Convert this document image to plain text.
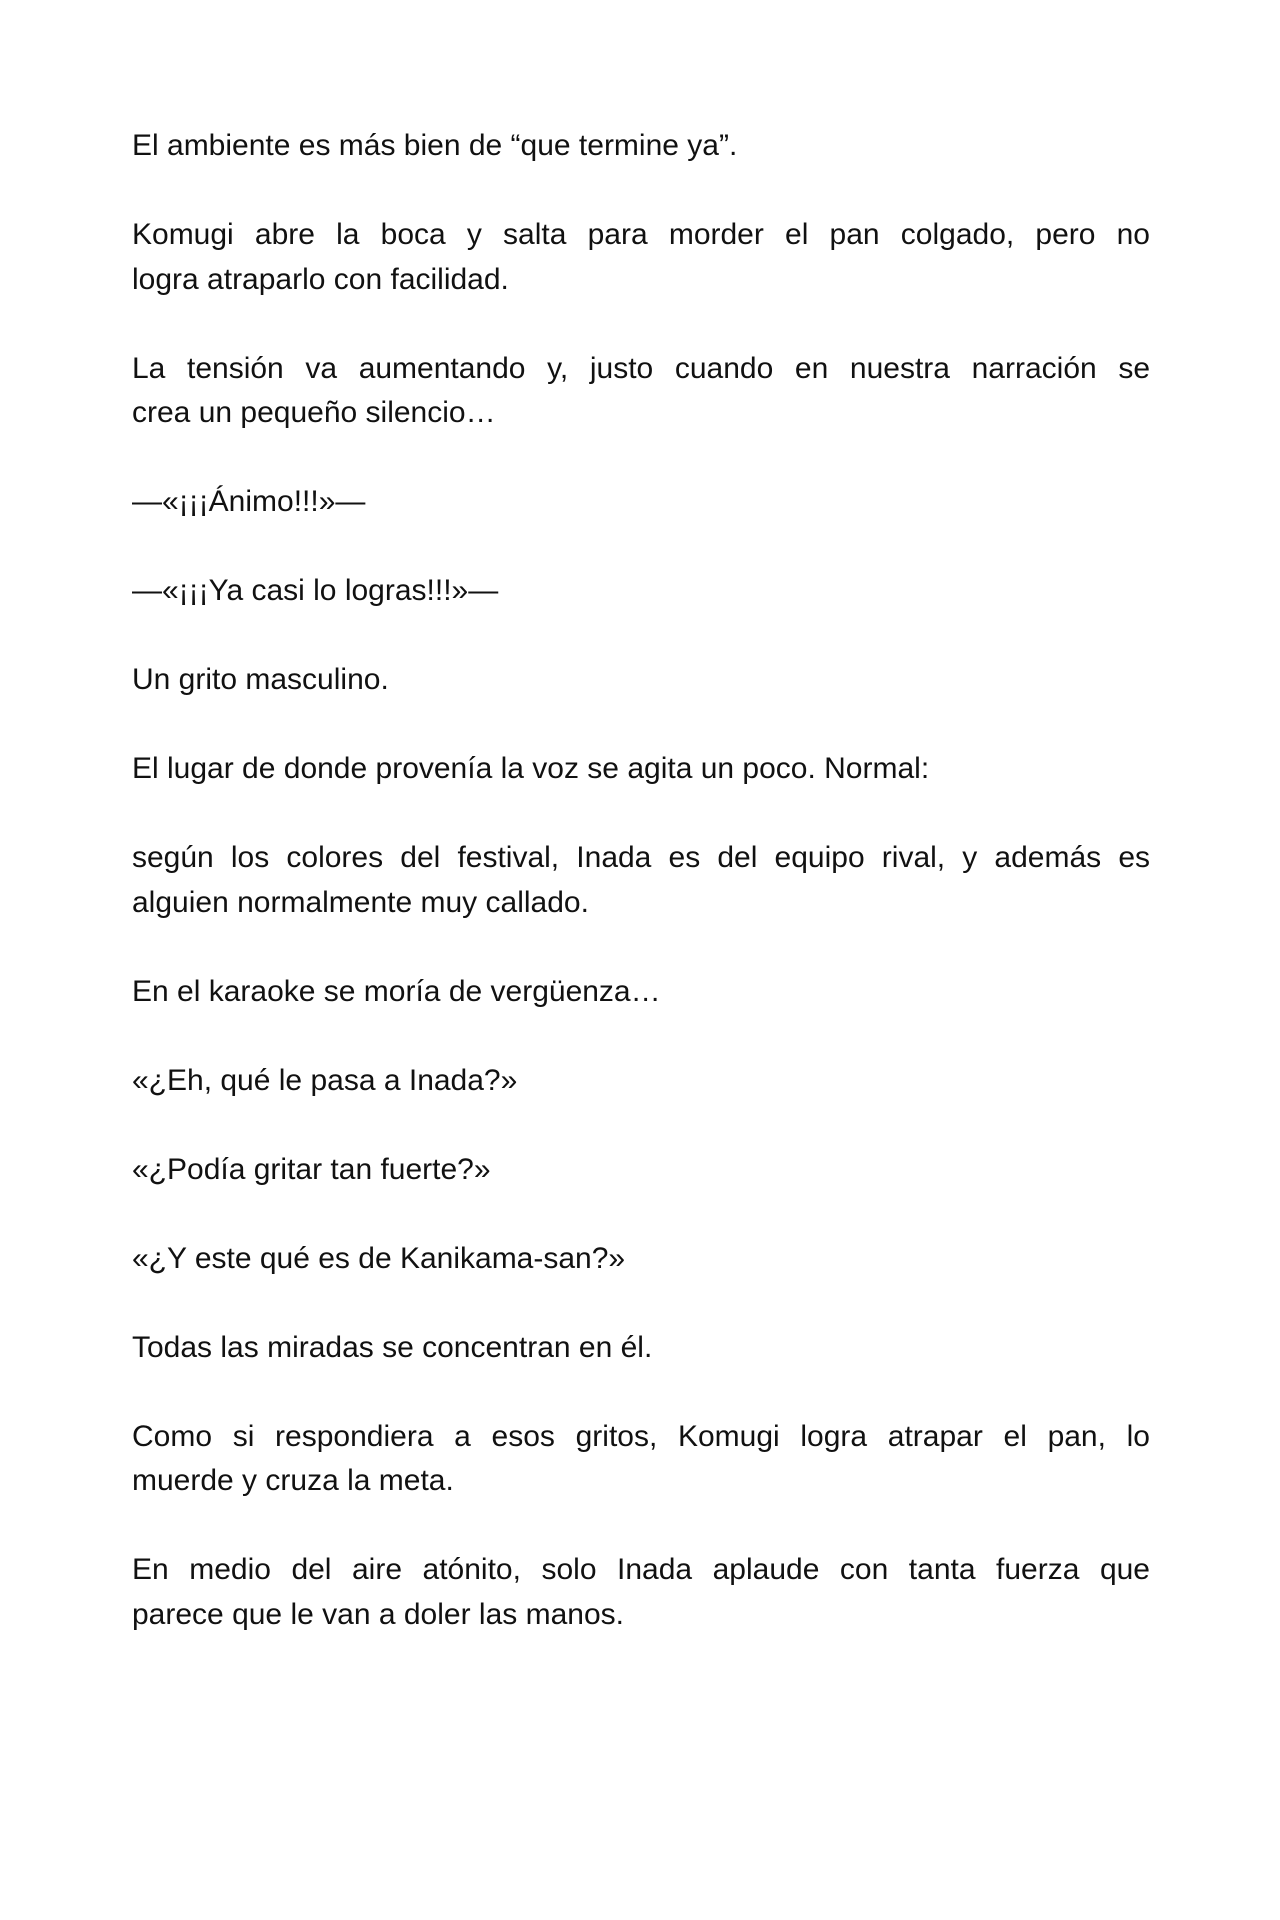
El ambiente es más bien de “que termine ya”.

Komugi abre la boca y salta para morder el pan colgado, pero no
logra atraparlo con facilidad.

La tensión va aumentando y, justo cuando en nuestra narración se
crea un pequeño silencio…

—«¡¡¡Ánimo!!!»—

—«¡¡¡Ya casi lo logras!!!»—

Un grito masculino.

El lugar de donde provenía la voz se agita un poco. Normal:

según los colores del festival, Inada es del equipo rival, y además es
alguien normalmente muy callado.

En el karaoke se moría de vergüenza…

«¿Eh, qué le pasa a Inada?»

«¿Podía gritar tan fuerte?»

«¿Y este qué es de Kanikama-san?»

Todas las miradas se concentran en él.

Como si respondiera a esos gritos, Komugi logra atrapar el pan, lo
muerde y cruza la meta.

En medio del aire atónito, solo Inada aplaude con tanta fuerza que
parece que le van a doler las manos.
